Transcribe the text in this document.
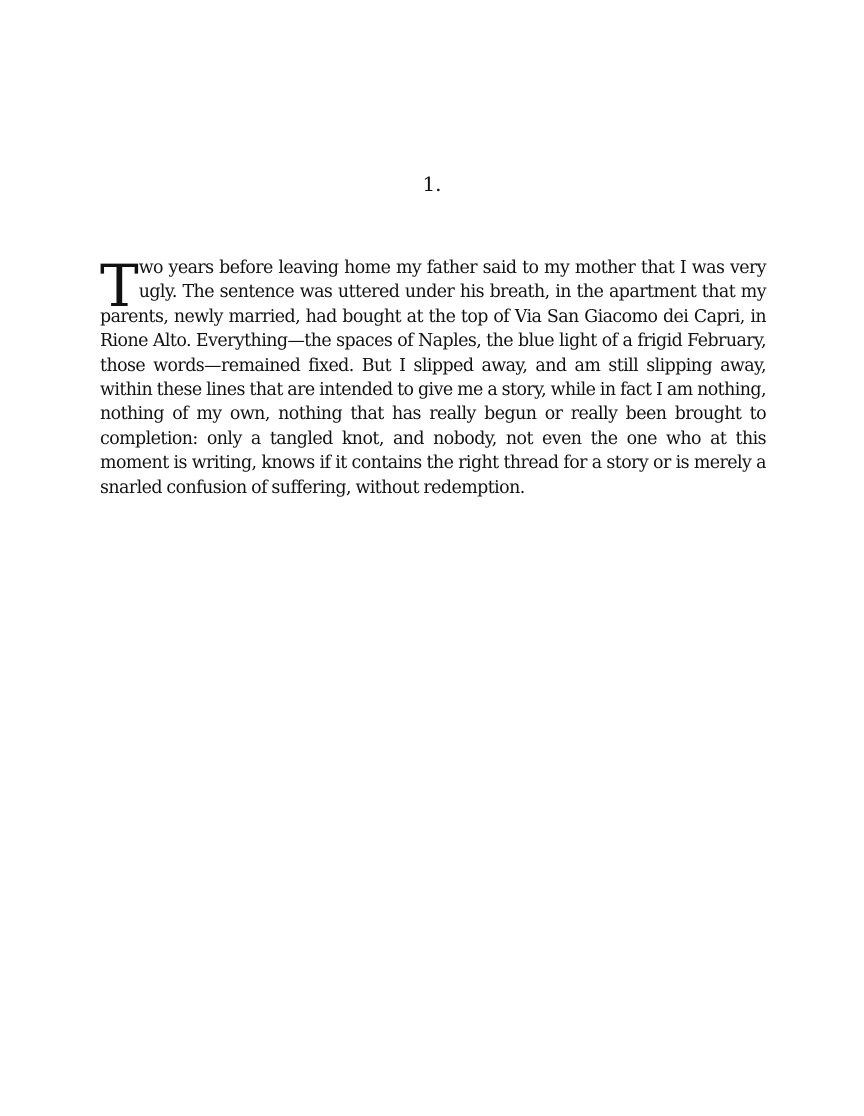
1.
Two years before leaving home my father said to my mother that I was very ugly. The sentence was uttered under his breath, in the apartment that my parents, newly married, had bought at the top of Via San Giacomo dei Capri, in Rione Alto. Everything—the spaces of Naples, the blue light of a frigid February, those words—remained fixed. But I slipped away, and am still slipping away, within these lines that are intended to give me a story, while in fact I am nothing, nothing of my own, nothing that has really begun or really been brought to completion: only a tangled knot, and nobody, not even the one who at this moment is writing, knows if it contains the right thread for a story or is merely a snarled confusion of suffering, without redemption.
